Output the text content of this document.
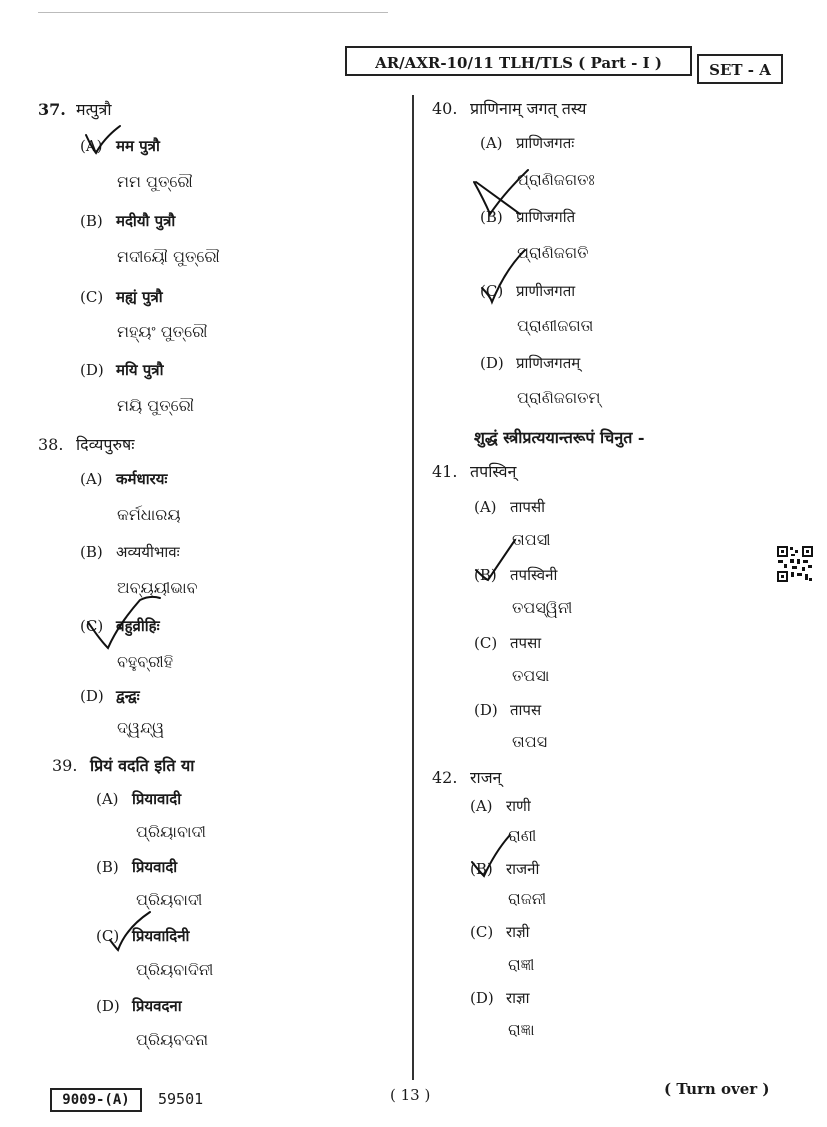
AR/AXR-10/11 TLH/TLS ( Part - I )	SET - A
37. मत्पुत्रौ
(A) मम पुत्रौ
ମମ ପୁତ୍ରୌ
(B) मदीयौ पुत्रौ
ମଦୀୟୌ ପୁତ୍ରୌ
(C) मह्यं पुत्रौ
ମହ୍ୟଂ ପୁତ୍ରୌ
(D) मयि पुत्रौ
ମୟି ପୁତ୍ରୌ
38. दिव्यपुरुषः
(A) कर्मधारयः
କର୍ମଧାରୟ
(B) अव्ययीभावः
ଅବ୍ୟୟୀଭାବ
(C) बहुव्रीहिः
ବହୁବ୍ରୀହି
(D) द्वन्द्वः
ଦ୍ୱନ୍ଦ୍ୱ
39. प्रियं वदति इति या
(A) प्रियावादी
ପ୍ରିୟାବାଦୀ
(B) प्रियवादी
ପ୍ରିୟବାଦୀ
(C) प्रियवादिनी
ପ୍ରିୟବାଦିନୀ
(D) प्रियवदना
ପ୍ରିୟବଦନା
40. प्राणिनाम् जगत् तस्य
(A) प्राणिजगतः
ପ୍ରାଣିଜଗତଃ
(B) प्राणिजगति
ପ୍ରାଣିଜଗତି
(C) प्राणीजगता
ପ୍ରାଣୀଜଗତା
(D) प्राणिजगतम्
ପ୍ରାଣିଜଗତମ୍
शुद्धं स्त्रीप्रत्ययान्तरूपं चिनुत -
41. तपस्विन्
(A) तापसी
ତାପସୀ
(B) तपस्विनी
ତପସ୍ୱିନୀ
(C) तपसा
ତପସା
(D) तापस
ତାପସ
42. राजन्
(A) राणी
ରାଣୀ
(B) राजनी
ରାଜନୀ
(C) राज्ञी
ରାଜ୍ଞୀ
(D) राज्ञा
ରାଜ୍ଞା
9009-(A)	59501	( 13 )	( Turn over )
